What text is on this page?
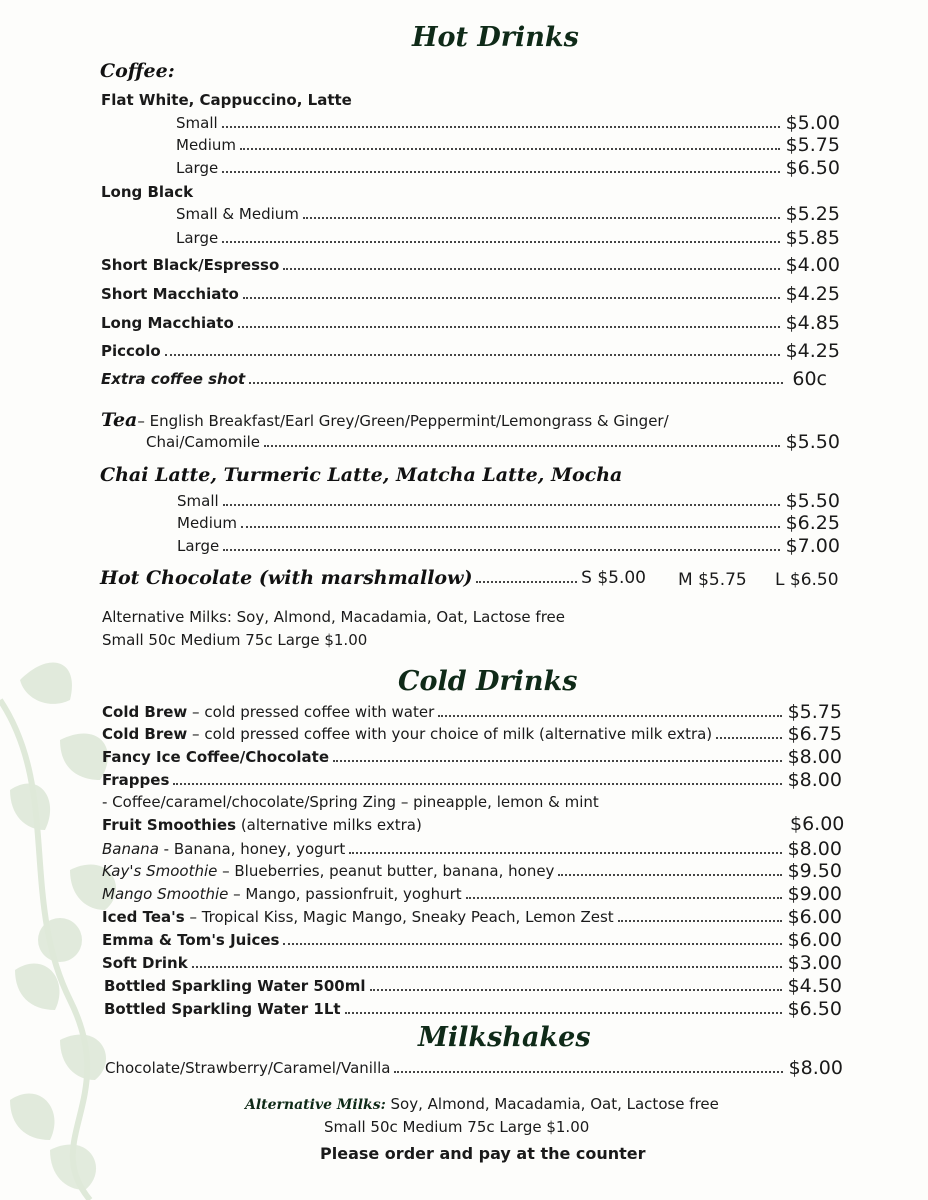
Hot Drinks
Coffee:
Flat White, Cappuccino, Latte
Small	$5.00
Medium	$5.75
Large	$6.50
Long Black
Small & Medium	$5.25
Large	$5.85
Short Black/Espresso	$4.00
Short Macchiato	$4.25
Long Macchiato	$4.85
Piccolo	$4.25
Extra coffee shot	60c
Tea– English Breakfast/Earl Grey/Green/Peppermint/Lemongrass & Ginger/
Chai/Camomile	$5.50
Chai Latte, Turmeric Latte, Matcha Latte, Mocha
Small	$5.50
Medium	$6.25
Large	$7.00
Hot Chocolate (with marshmallow)	S $5.00 M $5.75 L $6.50
Alternative Milks: Soy, Almond, Macadamia, Oat, Lactose free
Small 50c Medium 75c Large $1.00
Cold Drinks
Cold Brew – cold pressed coffee with water	$5.75
Cold Brew – cold pressed coffee with your choice of milk (alternative milk extra)	$6.75
Fancy Ice Coffee/Chocolate	$8.00
Frappes	$8.00
- Coffee/caramel/chocolate/Spring Zing – pineapple, lemon & mint
Fruit Smoothies (alternative milks extra)	$6.00
Banana - Banana, honey, yogurt	$8.00
Kay's Smoothie – Blueberries, peanut butter, banana, honey	$9.50
Mango Smoothie – Mango, passionfruit, yoghurt	$9.00
Iced Tea's – Tropical Kiss, Magic Mango, Sneaky Peach, Lemon Zest	$6.00
Emma & Tom's Juices	$6.00
Soft Drink	$3.00
Bottled Sparkling Water 500ml	$4.50
Bottled Sparkling Water 1Lt	$6.50
Milkshakes
Chocolate/Strawberry/Caramel/Vanilla	$8.00
Alternative Milks: Soy, Almond, Macadamia, Oat, Lactose free
Small 50c Medium 75c Large $1.00
Please order and pay at the counter
